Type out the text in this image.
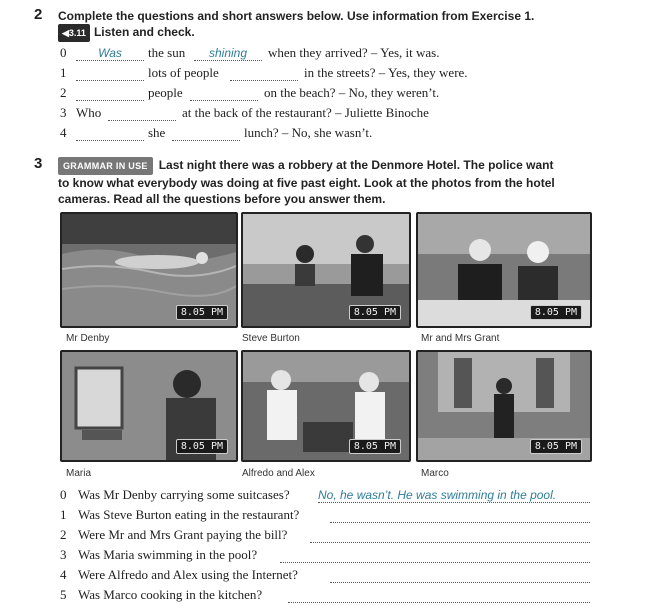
2 Complete the questions and short answers below. Use information from Exercise 1.
◀3.11 Listen and check.
0	Was	the sun	shining	when they arrived? – Yes, it was.
1	lots of people	in the streets? – Yes, they were.
2	people	on the beach? – No, they weren’t.
3 Who	at the back of the restaurant? – Juliette Binoche
4	she	lunch? – No, she wasn’t.
3	GRAMMAR IN USE Last night there was a robbery at the Denmore Hotel. The police want
to know what everybody was doing at five past eight. Look at the photos from the hotel
cameras. Read all the questions before you answer them.
8.05 PM	8.05 PM	8.05 PM
Mr Denby	Steve Burton	Mr and Mrs Grant
8.05 PM	8.05 PM	8.05 PM
Maria	Alfredo and Alex	Marco
0 Was Mr Denby carrying some suitcases? No, he wasn’t. He was swimming in the pool.
1 Was Steve Burton eating in the restaurant?
2 Were Mr and Mrs Grant paying the bill?
3 Was Maria swimming in the pool?
4 Were Alfredo and Alex using the Internet?
5 Was Marco cooking in the kitchen?
